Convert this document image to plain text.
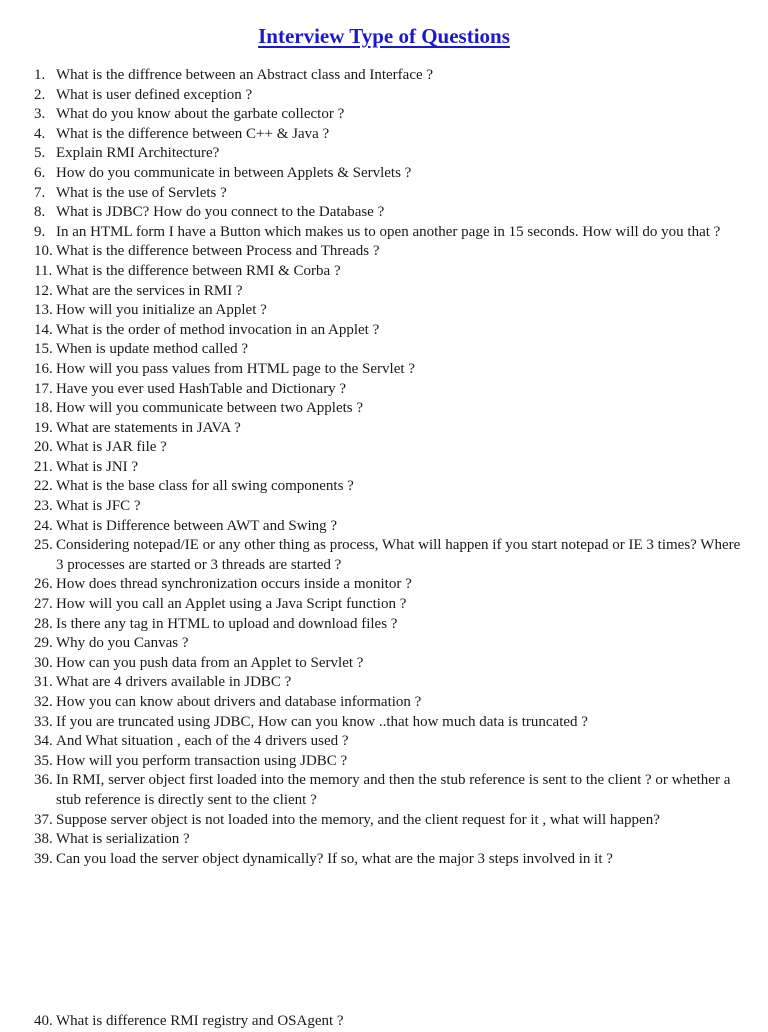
Interview Type of Questions
1. What is the diffrence between an Abstract class and Interface ?
2. What is user defined exception ?
3. What do you know about the garbate collector ?
4. What is the difference between C++ & Java ?
5. Explain RMI Architecture?
6. How do you communicate in between Applets & Servlets ?
7. What is the use of Servlets ?
8. What is JDBC? How do you connect to the Database ?
9. In an HTML form I have a Button which makes us to open another page in 15 seconds. How will do you that ?
10. What is the difference between Process and Threads ?
11. What is the difference between RMI & Corba ?
12. What are the services in RMI ?
13. How will you initialize an Applet ?
14. What is the order of method invocation in an Applet ?
15. When is update method called ?
16. How will you pass values from HTML page to the Servlet ?
17. Have you ever used HashTable and Dictionary ?
18. How will you communicate between two Applets ?
19. What are statements in JAVA ?
20. What is JAR file ?
21. What is JNI ?
22. What is the base class for all swing components ?
23. What is JFC ?
24. What is Difference between AWT and Swing ?
25. Considering notepad/IE or any other thing as process, What will happen if you start notepad or IE 3 times? Where 3 processes are started or 3 threads are started ?
26. How does thread synchronization occurs inside a monitor ?
27. How will you call an Applet using a Java Script function ?
28. Is there any tag in HTML to upload and download files ?
29. Why do you Canvas ?
30. How can you push data from an Applet to Servlet ?
31. What are 4 drivers available in JDBC ?
32. How you can know about drivers and database information ?
33. If you are truncated using JDBC, How can you know ..that how much data is truncated ?
34. And What situation , each of the 4 drivers used ?
35. How will you perform transaction using JDBC ?
36. In RMI, server object first loaded into the memory and then the stub reference is sent to the client ? or whether a stub reference is directly sent to the client ?
37. Suppose server object is not loaded into the memory, and the client request for it , what will happen?
38. What is serialization ?
39. Can you load the server object dynamically? If so, what are the major 3 steps involved in it ?
40. What is difference RMI registry and OSAgent ?
